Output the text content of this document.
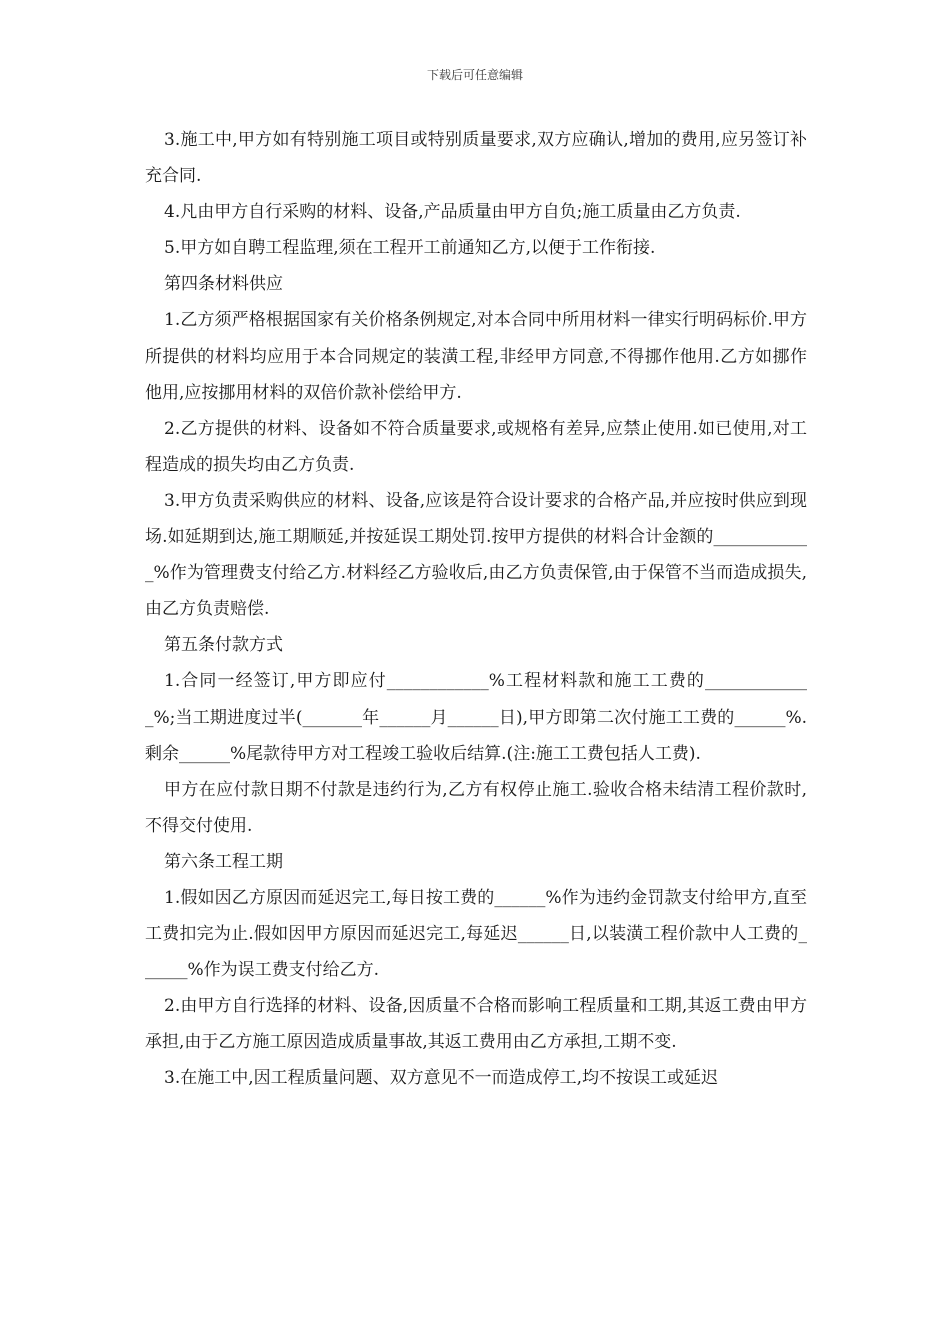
下载后可任意编辑

3.施工中,甲方如有特别施工项目或特别质量要求,双方应确认,增加的费用,应另签订补充合同.

4.凡由甲方自行采购的材料、设备,产品质量由甲方自负;施工质量由乙方负责.

5.甲方如自聘工程监理,须在工程开工前通知乙方,以便于工作衔接.

第四条材料供应

1.乙方须严格根据国家有关价格条例规定,对本合同中所用材料一律实行明码标价.甲方所提供的材料均应用于本合同规定的装潢工程,非经甲方同意,不得挪作他用.乙方如挪作他用,应按挪用材料的双倍价款补偿给甲方.

2.乙方提供的材料、设备如不符合质量要求,或规格有差异,应禁止使用.如已使用,对工程造成的损失均由乙方负责.

3.甲方负责采购供应的材料、设备,应该是符合设计要求的合格产品,并应按时供应到现场.如延期到达,施工期顺延,并按延误工期处罚.按甲方提供的材料合计金额的____________%作为管理费支付给乙方.材料经乙方验收后,由乙方负责保管,由于保管不当而造成损失,由乙方负责赔偿.

第五条付款方式

1.合同一经签订,甲方即应付____________%工程材料款和施工工费的_____________%;当工期进度过半(_______年______月______日),甲方即第二次付施工工费的______%.剩余______%尾款待甲方对工程竣工验收后结算.(注:施工工费包括人工费).

甲方在应付款日期不付款是违约行为,乙方有权停止施工.验收合格未结清工程价款时,不得交付使用.

第六条工程工期

1.假如因乙方原因而延迟完工,每日按工费的______%作为违约金罚款支付给甲方,直至工费扣完为止.假如因甲方原因而延迟完工,每延迟______日,以装潢工程价款中人工费的______%作为误工费支付给乙方.

2.由甲方自行选择的材料、设备,因质量不合格而影响工程质量和工期,其返工费由甲方承担,由于乙方施工原因造成质量事故,其返工费用由乙方承担,工期不变.

3.在施工中,因工程质量问题、双方意见不一而造成停工,均不按误工或延迟
